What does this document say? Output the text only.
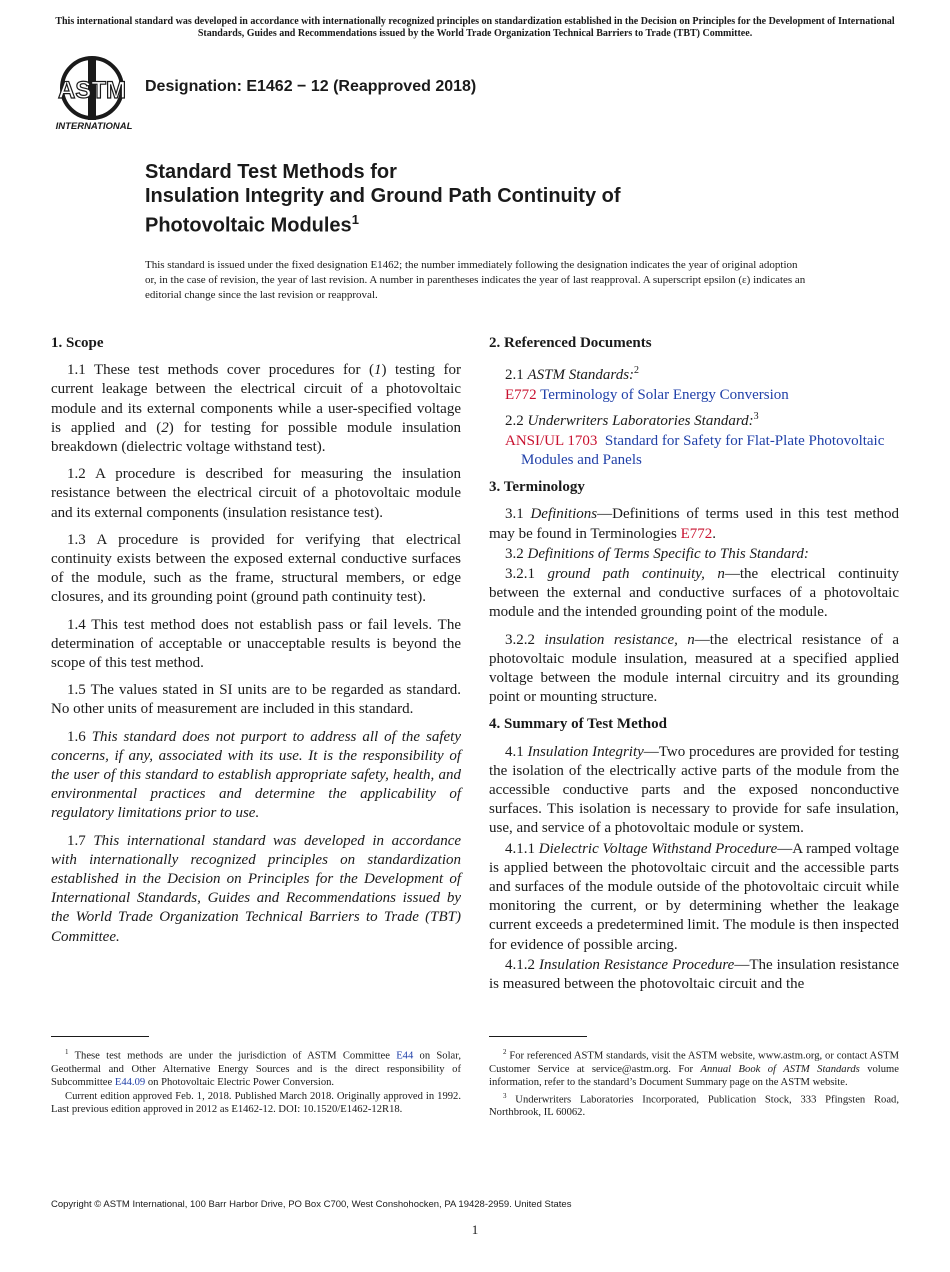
This international standard was developed in accordance with internationally recognized principles on standardization established in the Decision on Principles for the Development of International Standards, Guides and Recommendations issued by the World Trade Organization Technical Barriers to Trade (TBT) Committee.
ASTM
INTERNATIONAL
Designation: E1462 − 12 (Reapproved 2018)
Standard Test Methods for
Insulation Integrity and Ground Path Continuity of
Photovoltaic Modules$^1$
This standard is issued under the fixed designation E1462; the number immediately following the designation indicates the year of original adoption or, in the case of revision, the year of last revision. A number in parentheses indicates the year of last reapproval. A superscript epsilon (ε) indicates an editorial change since the last revision or reapproval.
1. Scope

1.1 These test methods cover procedures for (1) testing for current leakage between the electrical circuit of a photovoltaic module and its external components while a user-specified voltage is applied and (2) for testing for possible module insulation breakdown (dielectric voltage withstand test).

1.2 A procedure is described for measuring the insulation resistance between the electrical circuit of a photovoltaic module and its external components (insulation resistance test).

1.3 A procedure is provided for verifying that electrical continuity exists between the exposed external conductive surfaces of the module, such as the frame, structural members, or edge closures, and its grounding point (ground path continuity test).

1.4 This test method does not establish pass or fail levels. The determination of acceptable or unacceptable results is beyond the scope of this test method.

1.5 The values stated in SI units are to be regarded as standard. No other units of measurement are included in this standard.

1.6 This standard does not purport to address all of the safety concerns, if any, associated with its use. It is the responsibility of the user of this standard to establish appropriate safety, health, and environmental practices and determine the applicability of regulatory limitations prior to use.

1.7 This international standard was developed in accordance with internationally recognized principles on standardization established in the Decision on Principles for the Development of International Standards, Guides and Recommendations issued by the World Trade Organization Technical Barriers to Trade (TBT) Committee.

2. Referenced Documents

2.1 ASTM Standards:$^2$

E772 Terminology of Solar Energy Conversion

2.2 Underwriters Laboratories Standard:$^3$

ANSI/UL 1703 Standard for Safety for Flat-Plate Photovoltaic Modules and Panels

3. Terminology

3.1 Definitions—Definitions of terms used in this test method may be found in Terminologies E772.

3.2 Definitions of Terms Specific to This Standard:

3.2.1 ground path continuity, n—the electrical continuity between the external and conductive surfaces of a photovoltaic module and the intended grounding point of the module.

3.2.2 insulation resistance, n—the electrical resistance of a photovoltaic module insulation, measured at a specified applied voltage between the module internal circuitry and its grounding point or mounting structure.

4. Summary of Test Method

4.1 Insulation Integrity—Two procedures are provided for testing the isolation of the electrically active parts of the module from the accessible conductive parts and the exposed nonconductive surfaces. This isolation is necessary to provide for safe insulation, use, and service of a photovoltaic module or system.

4.1.1 Dielectric Voltage Withstand Procedure—A ramped voltage is applied between the photovoltaic circuit and the accessible parts and surfaces of the module outside of the photovoltaic circuit while monitoring the current, or by determining whether the leakage current exceeds a predetermined limit. The module is then inspected for evidence of possible arcing.

4.1.2 Insulation Resistance Procedure—The insulation resistance is measured between the photovoltaic circuit and the

$^1$ These test methods are under the jurisdiction of ASTM Committee E44 on Solar, Geothermal and Other Alternative Energy Sources and is the direct responsibility of Subcommittee E44.09 on Photovoltaic Electric Power Conversion.

Current edition approved Feb. 1, 2018. Published March 2018. Originally approved in 1992. Last previous edition approved in 2012 as E1462-12. DOI: 10.1520/E1462-12R18.

$^2$ For referenced ASTM standards, visit the ASTM website, www.astm.org, or contact ASTM Customer Service at service@astm.org. For Annual Book of ASTM Standards volume information, refer to the standard’s Document Summary page on the ASTM website.

$^3$ Underwriters Laboratories Incorporated, Publication Stock, 333 Pfingsten Road, Northbrook, IL 60062.

Copyright © ASTM International, 100 Barr Harbor Drive, PO Box C700, West Conshohocken, PA 19428-2959. United States
1
